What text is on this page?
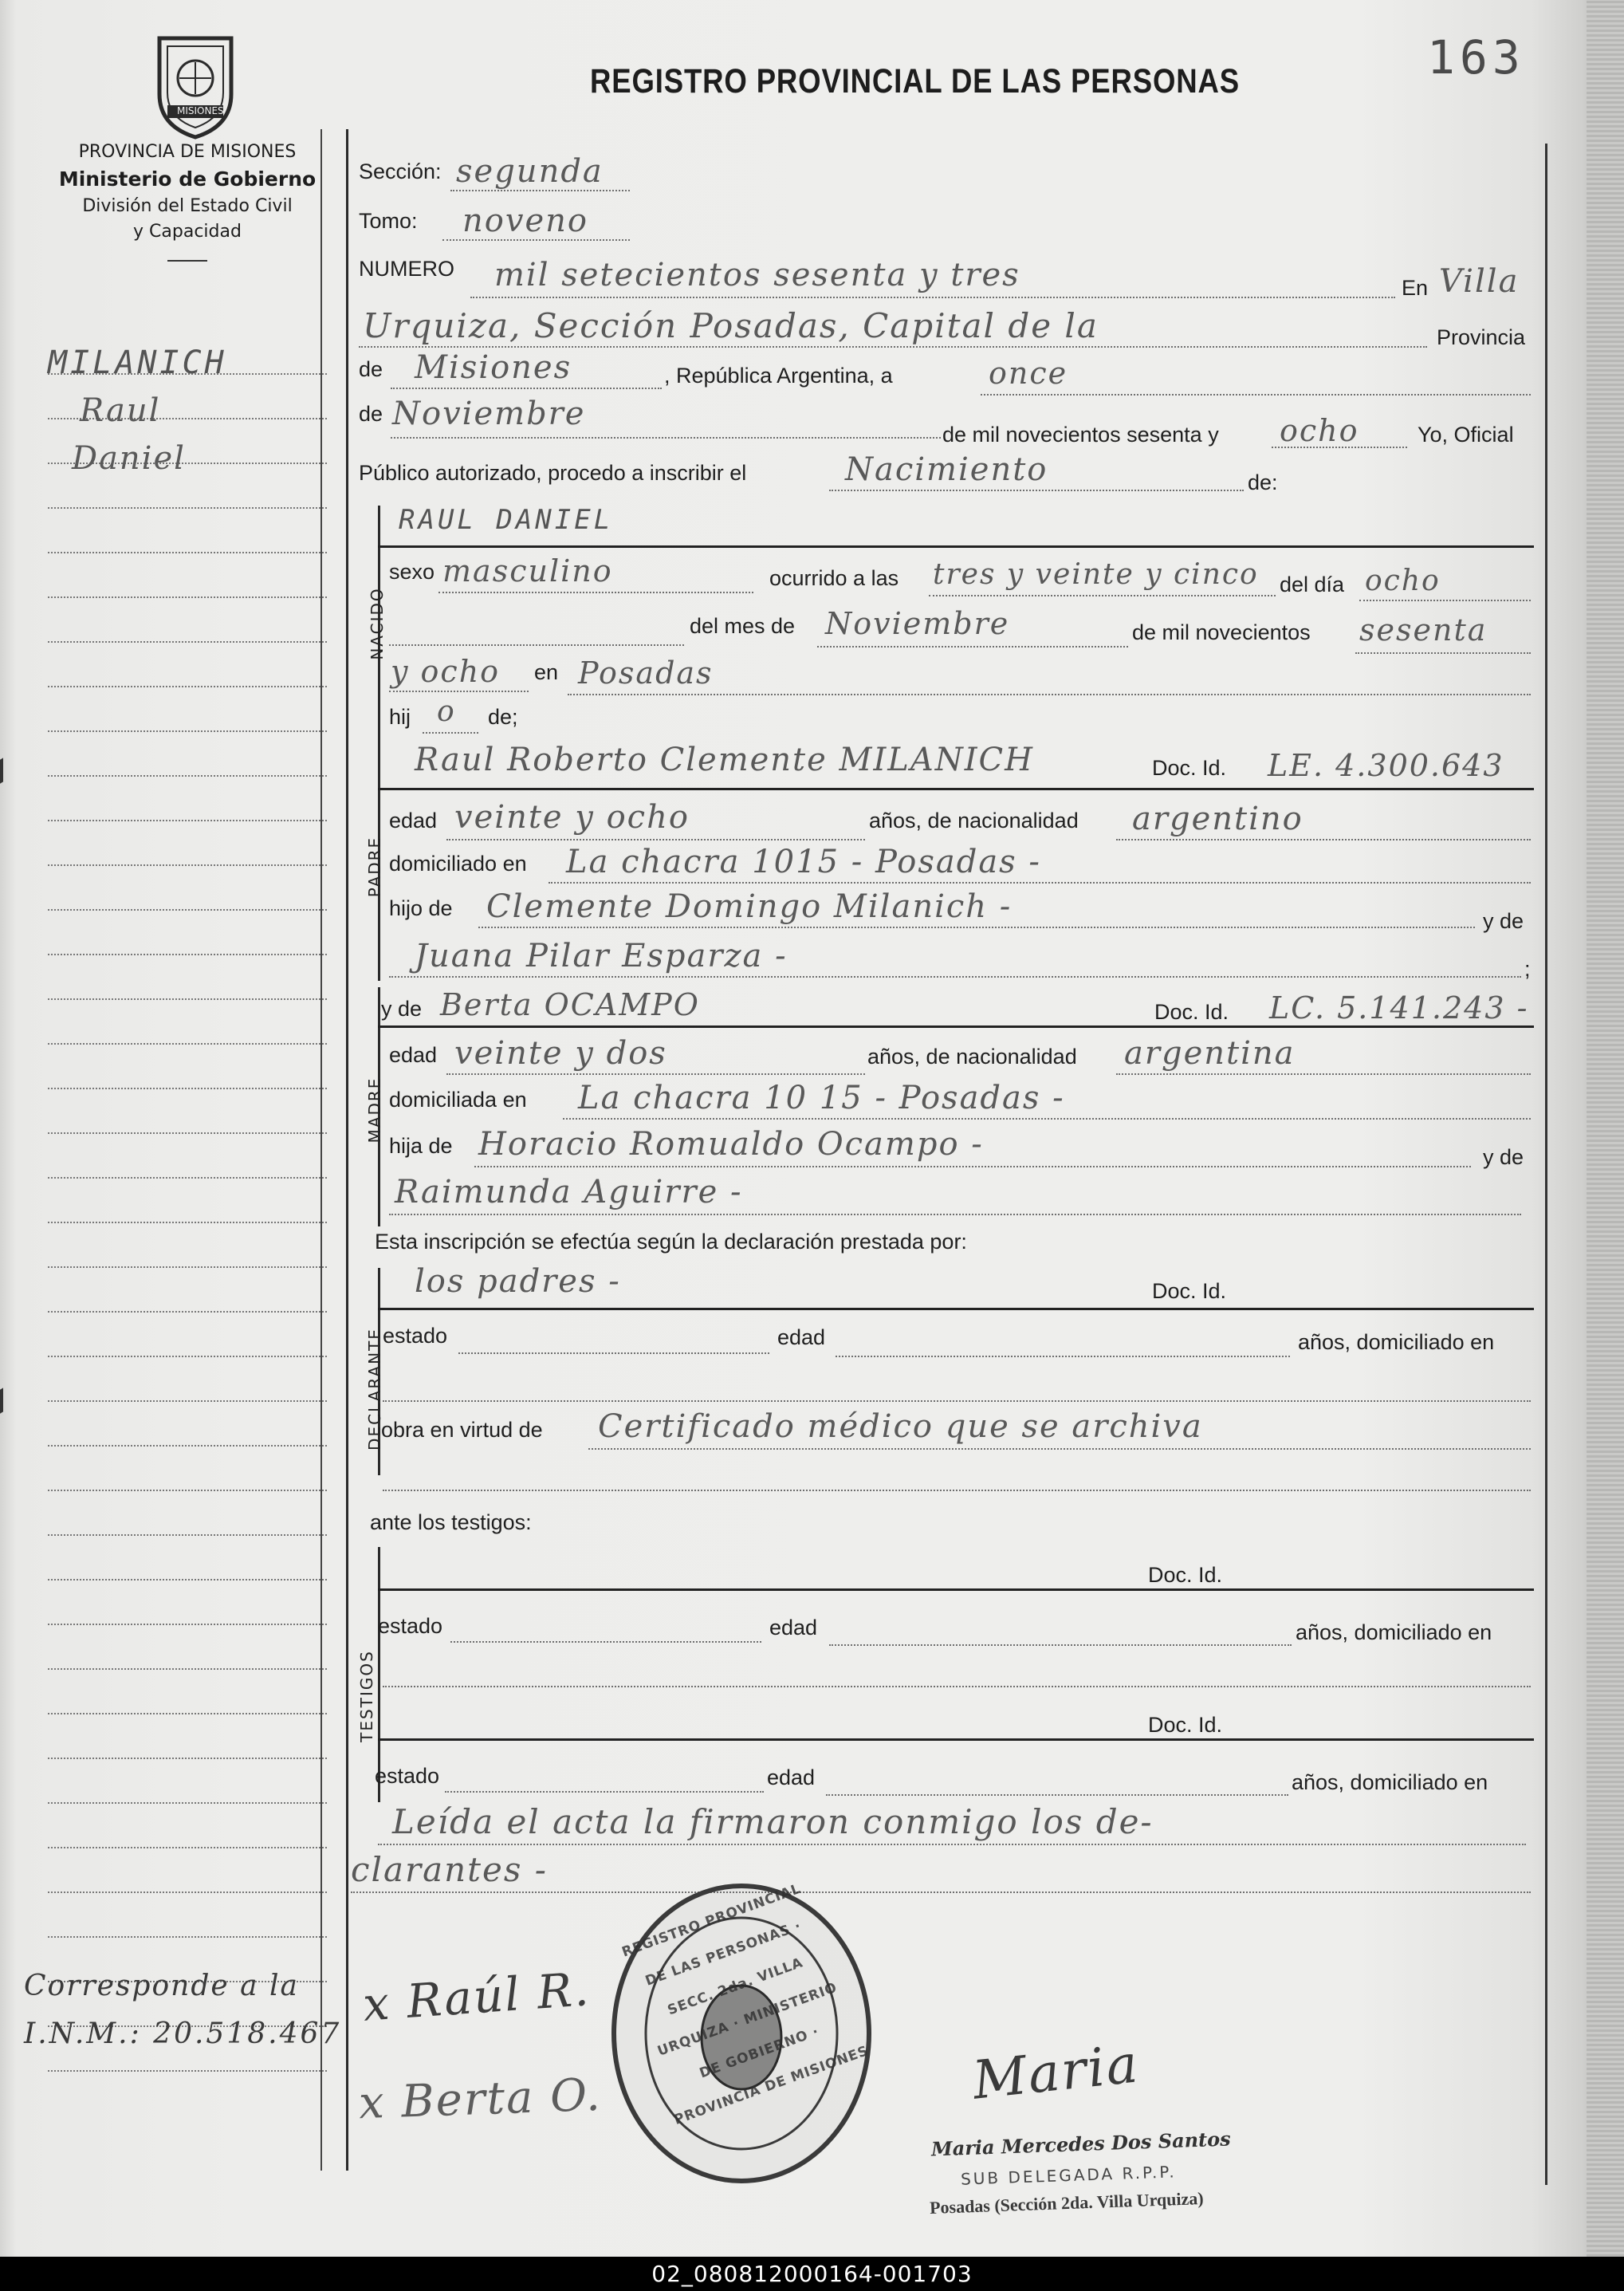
MISIONES
PROVINCIA DE MISIONES
Ministerio de Gobierno
División del Estado Civil
y Capacidad
REGISTRO PROVINCIAL DE LAS PERSONAS	163
MILANICH
Raul
Daniel
Corresponde a la
I.N.M.: 20.518.467
Sección: segunda
Tomo: noveno
NUMERO mil setecientos sesenta y tres	En Villa
Urquiza, Sección Posadas, Capital de la	Provincia
de Misiones	, República Argentina, a	once
de Noviembre
de mil novecientos sesenta y ocho	Yo, Oficial
Público autorizado, procedo a inscribir el	Nacimiento	de:
NACIDO
RAUL DANIEL
sexo masculino	ocurrido a las tres y veinte y cinco del día ocho
del mes de Noviembre	de mil novecientos sesenta
y ocho en Posadas
hij o de;
PADRE
Raul Roberto Clemente MILANICH	Doc. Id. LE. 4.300.643
edad veinte y ocho	años, de nacionalidad argentino
domiciliado en La chacra 1015 - Posadas -
hijo de Clemente Domingo Milanich -	y de
Juana Pilar Esparza -	;
MADRE
y de Berta OCAMPO	Doc. Id. LC. 5.141.243 -
edad veinte y dos	años, de nacionalidad argentina
domiciliada en La chacra 10 15 - Posadas -
hija de Horacio Romualdo Ocampo -	y de
Raimunda Aguirre -
Esta inscripción se efectúa según la declaración prestada por:
DECLARANTE
los padres -	Doc. Id.
estado	edad	años, domiciliado en
obra en virtud de Certificado médico que se archiva
ante los testigos:
TESTIGOS
Doc. Id.
estado	edad	años, domiciliado en
Doc. Id.
estado	edad	años, domiciliado en
Leída el acta la firmaron conmigo los de-
clarantes -
x Raúl R.
x Berta O.
REGISTRO PROVINCIAL DE LAS PERSONAS · SECC. 2da. VILLA URQUIZA · MINISTERIO DE GOBIERNO · PROVINCIA DE MISIONES Maria
Maria Mercedes Dos Santos
SUB DELEGADA R.P.P.
Posadas (Sección 2da. Villa Urquiza)
02_080812000164-001703
